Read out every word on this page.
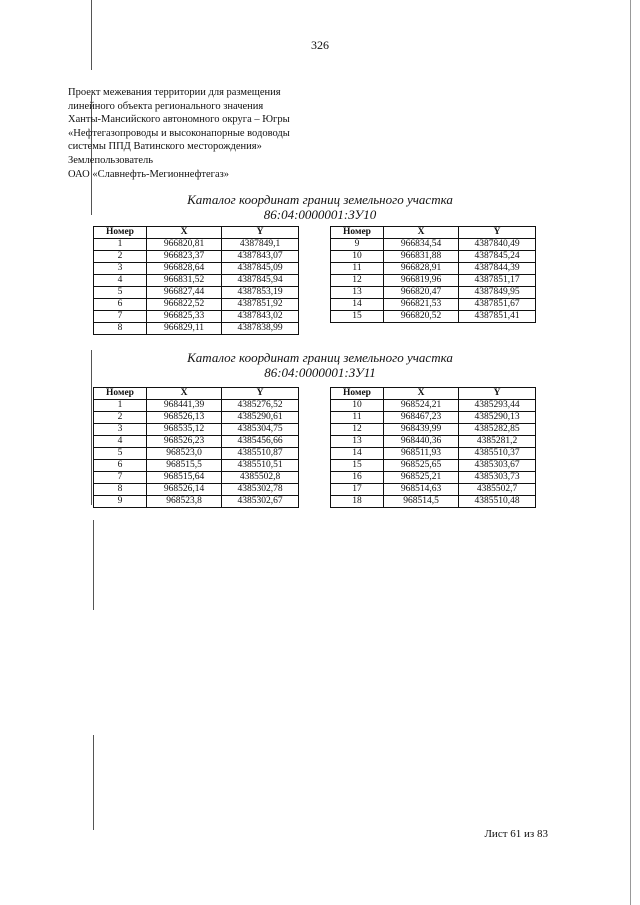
326
Проект межевания территории для размещения
линейного объекта регионального значения
Ханты-Мансийского автономного округа – Югры
«Нефтегазопроводы и высоконапорные водоводы
системы ППД Ватинского месторождения»
Землепользователь
ОАО «Славнефть-Мегионнефтегаз»
Каталог координат границ земельного участка
86:04:0000001:ЗУ10
Номер	X	Y
1	966820,81	4387849,1
2	966823,37	4387843,07
3	966828,64	4387845,09
4	966831,52	4387845,94
5	966827,44	4387853,19
6	966822,52	4387851,92
7	966825,33	4387843,02
8	966829,11	4387838,99
Номер	X	Y
9	966834,54	4387840,49
10	966831,88	4387845,24
11	966828,91	4387844,39
12	966819,96	4387851,17
13	966820,47	4387849,95
14	966821,53	4387851,67
15	966820,52	4387851,41
Каталог координат границ земельного участка
86:04:0000001:ЗУ11
Номер	X	Y
1	968441,39	4385276,52
2	968526,13	4385290,61
3	968535,12	4385304,75
4	968526,23	4385456,66
5	968523,0	4385510,87
6	968515,5	4385510,51
7	968515,64	4385502,8
8	968526,14	4385302,78
9	968523,8	4385302,67
Номер	X	Y
10	968524,21	4385293,44
11	968467,23	4385290,13
12	968439,99	4385282,85
13	968440,36	4385281,2
14	968511,93	4385510,37
15	968525,65	4385303,67
16	968525,21	4385303,73
17	968514,63	4385502,7
18	968514,5	4385510,48
Лист 61 из 83
